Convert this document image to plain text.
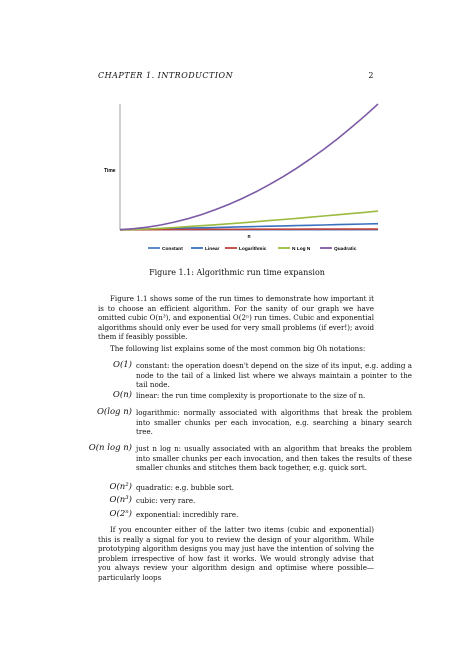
CHAPTER 1. INTRODUCTION	2
Time
n
Constant	Linear	Logarithmic	N Log N	Quadratic
Figure 1.1: Algorithmic run time expansion

Figure 1.1 shows some of the run times to demonstrate how important it is to choose an efficient algorithm. For the sanity of our graph we have omitted cubic O(n³), and exponential O(2ⁿ) run times. Cubic and exponential algorithms should only ever be used for very small problems (if ever!); avoid them if feasibly possible.

The following list explains some of the most common big Oh notations:

O(1) constant: the operation doesn't depend on the size of its input, e.g. adding a node to the tail of a linked list where we always maintain a pointer to the tail node.
O(n) linear: the run time complexity is proportionate to the size of n.
O(log n) logarithmic: normally associated with algorithms that break the problem into smaller chunks per each invocation, e.g. searching a binary search tree.
O(n log n) just n log n: usually associated with an algorithm that breaks the problem into smaller chunks per each invocation, and then takes the results of these smaller chunks and stitches them back together, e.g. quick sort.
O(n²) quadratic: e.g. bubble sort.
O(n³) cubic: very rare.
O(2ⁿ) exponential: incredibly rare.

If you encounter either of the latter two items (cubic and exponential) this is really a signal for you to review the design of your algorithm. While prototyping algorithm designs you may just have the intention of solving the problem irrespective of how fast it works. We would strongly advise that you always review your algorithm design and optimise where possible—particularly loops
